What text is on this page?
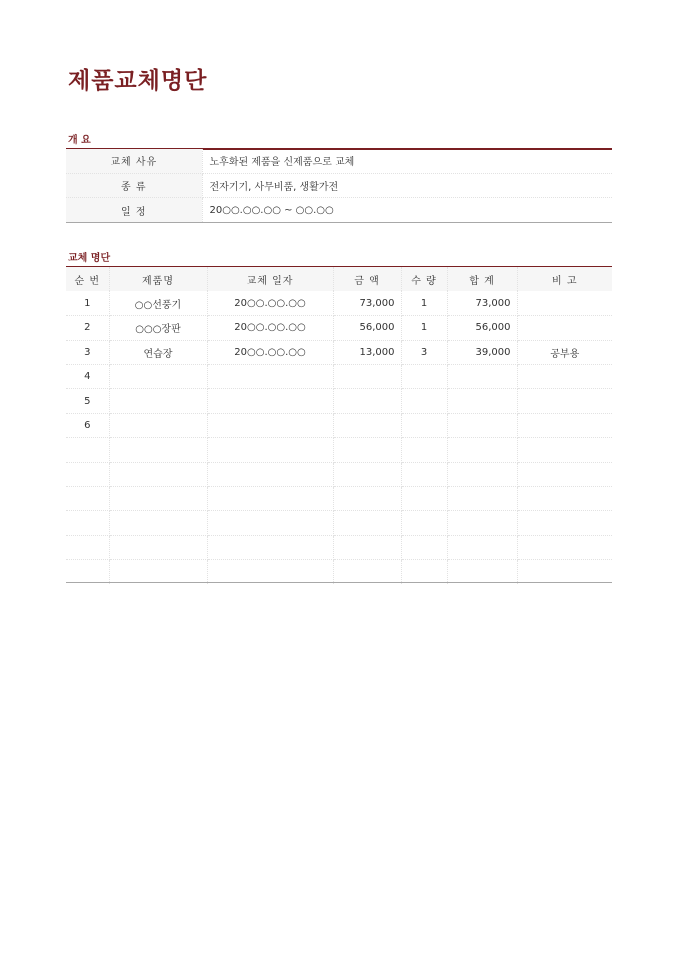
제품교체명단
개 요
교체 사유	노후화된 제품을 신제품으로 교체
종 류	전자기기, 사무비품, 생활가전
일 정	20○○.○○.○○ ~ ○○.○○
교체 명단
순 번	제품명	교체 일자	금 액	수 량	합 계	비 고
1	○○선풍기	20○○.○○.○○	73,000	1	73,000	
2	○○○장판	20○○.○○.○○	56,000	1	56,000	
3	연습장	20○○.○○.○○	13,000	3	39,000	공부용
4						
5						
6						
